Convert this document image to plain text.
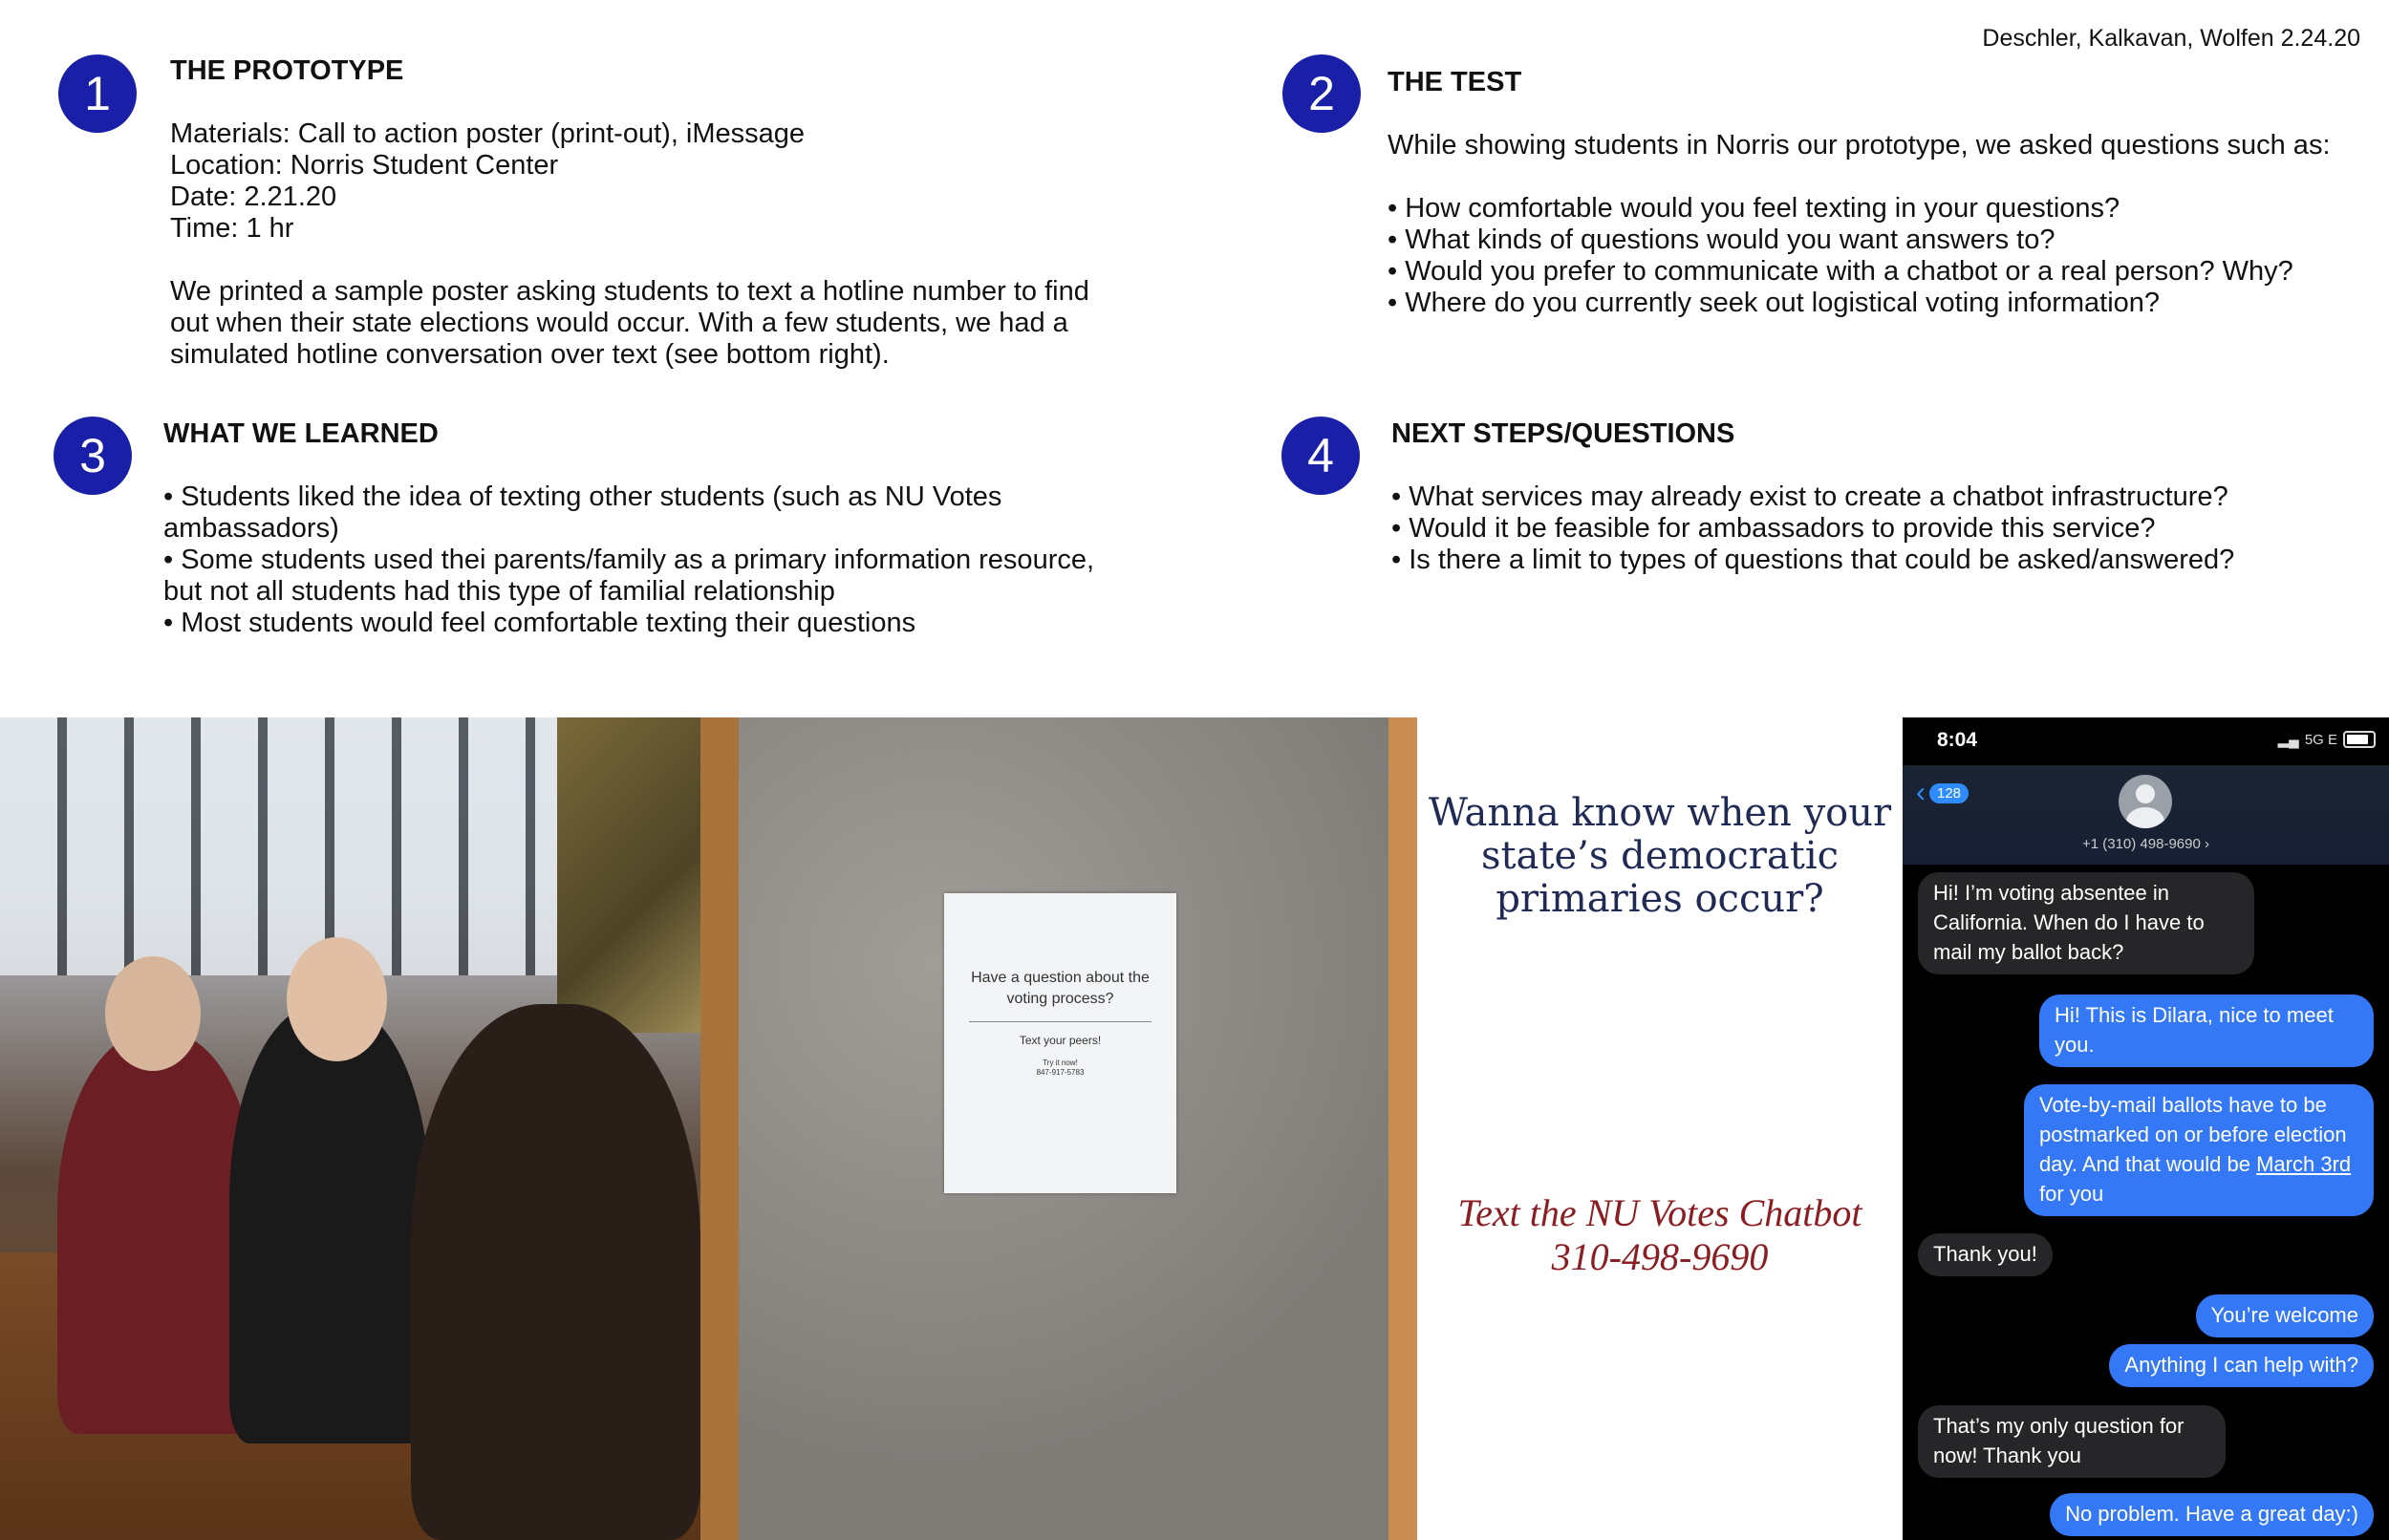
Deschler, Kalkavan, Wolfen 2.24.20
1	THE PROTOTYPE
Materials: Call to action poster (print-out), iMessage
Location: Norris Student Center
Date: 2.21.20
Time: 1 hr

We printed a sample poster asking students to text a hotline number to find out when their state elections would occur. With a few students, we had a simulated hotline conversation over text (see bottom right).

2	THE TEST

While showing students in Norris our prototype, we asked questions such as:

• How comfortable would you feel texting in your questions?
• What kinds of questions would you want answers to?
• Would you prefer to communicate with a chatbot or a real person? Why?
• Where do you currently seek out logistical voting information?
3	WHAT WE LEARNED
• Students liked the idea of texting other students (such as NU Votes ambassadors)
• Some students used thei parents/family as a primary information resource, but not all students had this type of familial relationship
• Most students would feel comfortable texting their questions
4	NEXT STEPS/QUESTIONS
• What services may already exist to create a chatbot infrastructure?
• Would it be feasible for ambassadors to provide this service?
• Is there a limit to types of questions that could be asked/answered?
Have a question about the voting process?
Text your peers!
Try it now!
847-917-5783
Wanna know when your state’s democratic primaries occur?
Text the NU Votes Chatbot
310-498-9690
8:04	▂▄ 5G E
‹ 128
+1 (310) 498-9690 ›
Hi! I’m voting absentee in California. When do I have to mail my ballot back?
Hi! This is Dilara, nice to meet you.
Vote-by-mail ballots have to be postmarked on or before election day. And that would be March 3rd for you
Thank you!
You’re welcome
Anything I can help with?
That’s my only question for now! Thank you
No problem. Have a great day:)
